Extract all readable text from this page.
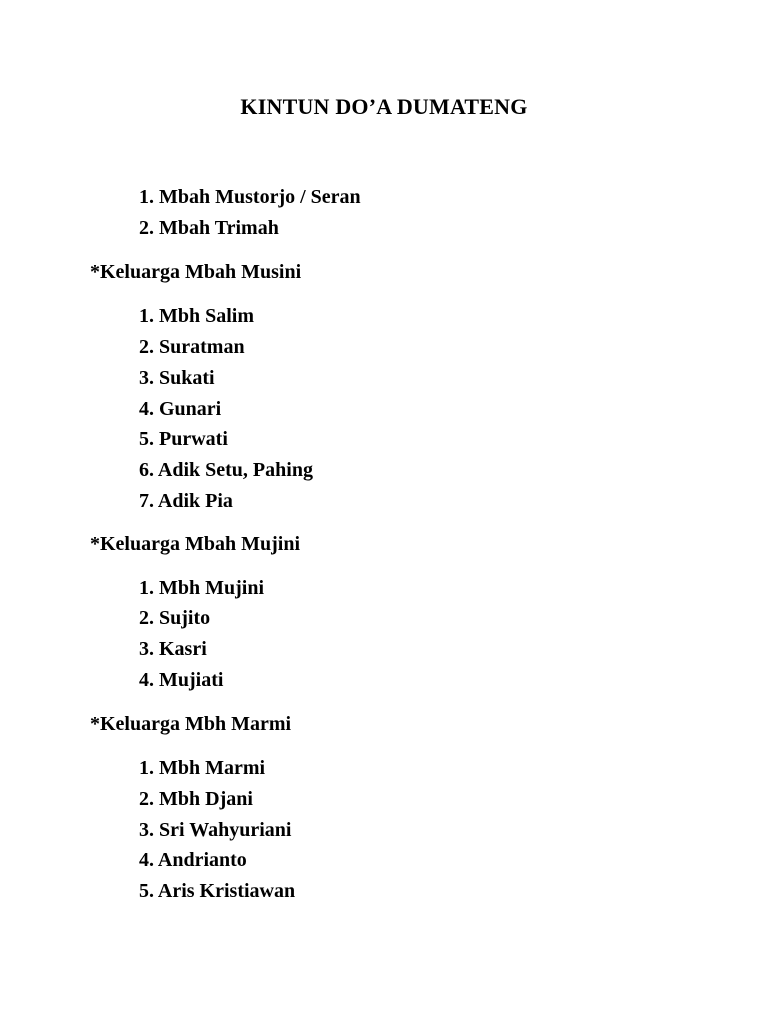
KINTUN DO’A DUMATENG
1. Mbah Mustorjo / Seran
2. Mbah Trimah
*Keluarga Mbah Musini
1. Mbh Salim
2. Suratman
3. Sukati
4. Gunari
5. Purwati
6. Adik Setu, Pahing
7. Adik Pia
*Keluarga Mbah Mujini
1. Mbh Mujini
2. Sujito
3. Kasri
4. Mujiati
*Keluarga Mbh Marmi
1. Mbh Marmi
2. Mbh Djani
3. Sri Wahyuriani
4. Andrianto
5. Aris Kristiawan
